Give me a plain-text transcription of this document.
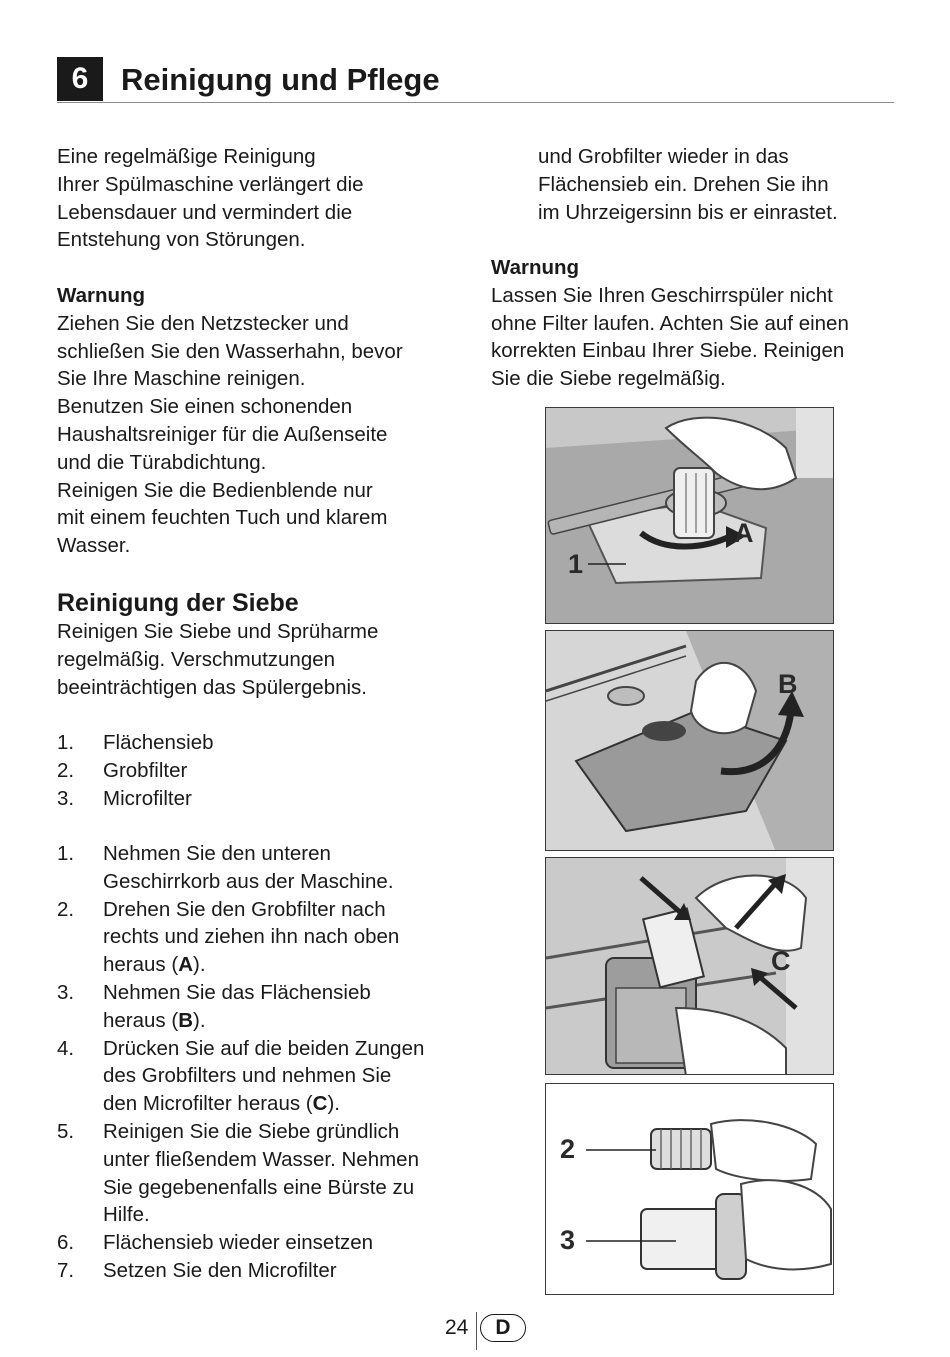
6	Reinigung und Pflege
Eine regelmäßige Reinigung
Ihrer Spülmaschine verlängert die
Lebensdauer und vermindert die
Entstehung von Störungen.
Warnung
Ziehen Sie den Netzstecker und
schließen Sie den Wasserhahn, bevor
Sie Ihre Maschine reinigen.
Benutzen Sie einen schonenden
Haushaltsreiniger für die Außenseite
und die Türabdichtung.
Reinigen Sie die Bedienblende nur
mit einem feuchten Tuch und klarem
Wasser.
Reinigung der Siebe
Reinigen Sie Siebe und Sprüharme
regelmäßig. Verschmutzungen
beeinträchtigen das Spülergebnis.
1. Flächensieb
2. Grobfilter
3. Microfilter
1. Nehmen Sie den unteren
Geschirrkorb aus der Maschine.
2. Drehen Sie den Grobfilter nach
rechts und ziehen ihn nach oben
heraus (A).
3. Nehmen Sie das Flächensieb
heraus (B).
4. Drücken Sie auf die beiden Zungen
des Grobfilters und nehmen Sie
den Microfilter heraus (C).
5. Reinigen Sie die Siebe gründlich
unter fließendem Wasser. Nehmen
Sie gegebenenfalls eine Bürste zu
Hilfe.
6. Flächensieb wieder einsetzen
7. Setzen Sie den Microfilter
und Grobfilter wieder in das
Flächensieb ein. Drehen Sie ihn
im Uhrzeigersinn bis er einrastet.
Warnung
Lassen Sie Ihren Geschirrspüler nicht
ohne Filter laufen. Achten Sie auf einen
korrekten Einbau Ihrer Siebe. Reinigen
Sie die Siebe regelmäßig.
A
1
B
C
2
3
24	D
